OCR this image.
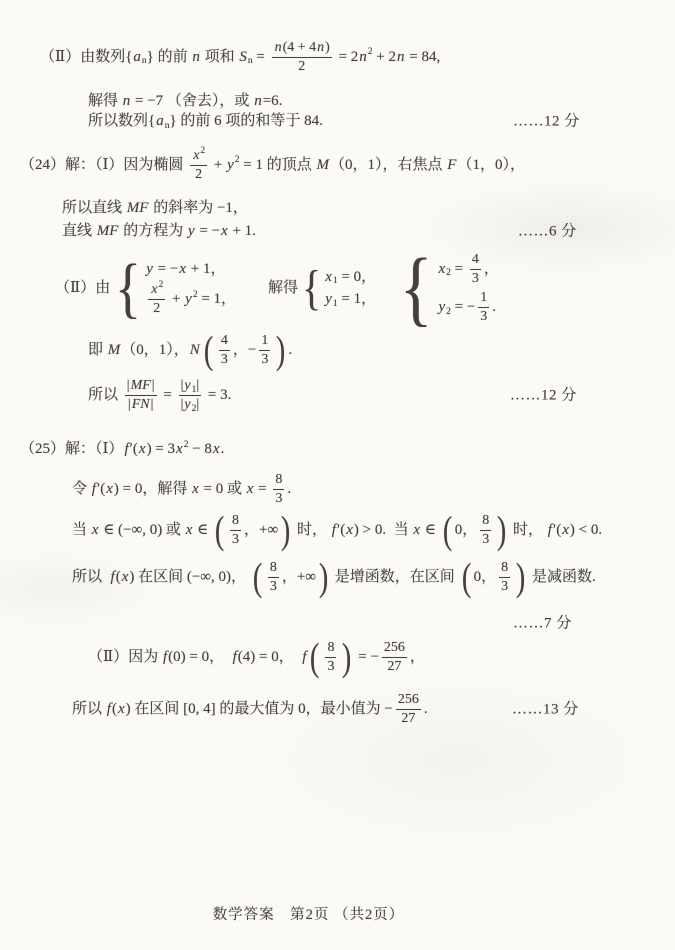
（Ⅱ）由数列 { a n } 的前 n 项和 S $n = \frac{n (4 + 4 n )}{2} = 2$ n 2 + 2 n = 84,
解得 n = −7 （舍去），或 n =6.
所以数列 { a n } 的前 6 项的和等于 84.	……12 分
（24）解：（Ⅰ）因为椭圆 $\frac{x 2}{2} + y$ 2 = 1 的顶点 M （0，1），右焦点 F （1，0），
所以直线 MF 的斜率为 −1，
直线 MF 的方程为 y = − x + 1.	……6 分
（Ⅱ）由 { y = − x + 1，
$\frac{x 2}{2} + y$ 2 = 1，
解得 { x 1 = 0，
y 1 = 1， { x $2 = \frac{4}{3}$ ，
y 2 = − $\frac{1}{3}$ .
即 M （0，1）， N ( $\frac{4}{3}$ ，− $\frac{1}{3}$ ) .
所以 $\frac{| MF |}{| FN |} = \frac{| y 1 |}{| y 2 |} = 3$.	……12 分
（25）解：（Ⅰ） f ′( x ) = 3 x 2 − 8 x .
令 f ′( x ) = 0，解得 x = 0 或 $x = \frac{8}{3}$ .
当 x ∈ (−∞, 0) 或 x ∈ ( $\frac{8}{3}$ ，+∞ ) 时， f ′( x ) > 0.  当 x ∈ ( 0， $\frac{8}{3}$ ) 时， f ′( x ) < 0.
所以 f ( x ) 在区间 (−∞, 0)， ( $\frac{8}{3}$ ，+∞ ) 是增函数，在区间 ( 0， $\frac{8}{3}$ ) 是减函数.
……7 分
（Ⅱ）因为 f (0) = 0， f (4) = 0， f ( $\frac{8}{3}$ ) = − $\frac{256}{27}$ ，
所以 f ( x ) 在区间 [0, 4] 的最大值为 0，最小值为 − $\frac{256}{27}$ .	……13 分
数学答案　第2页 （共2页）
